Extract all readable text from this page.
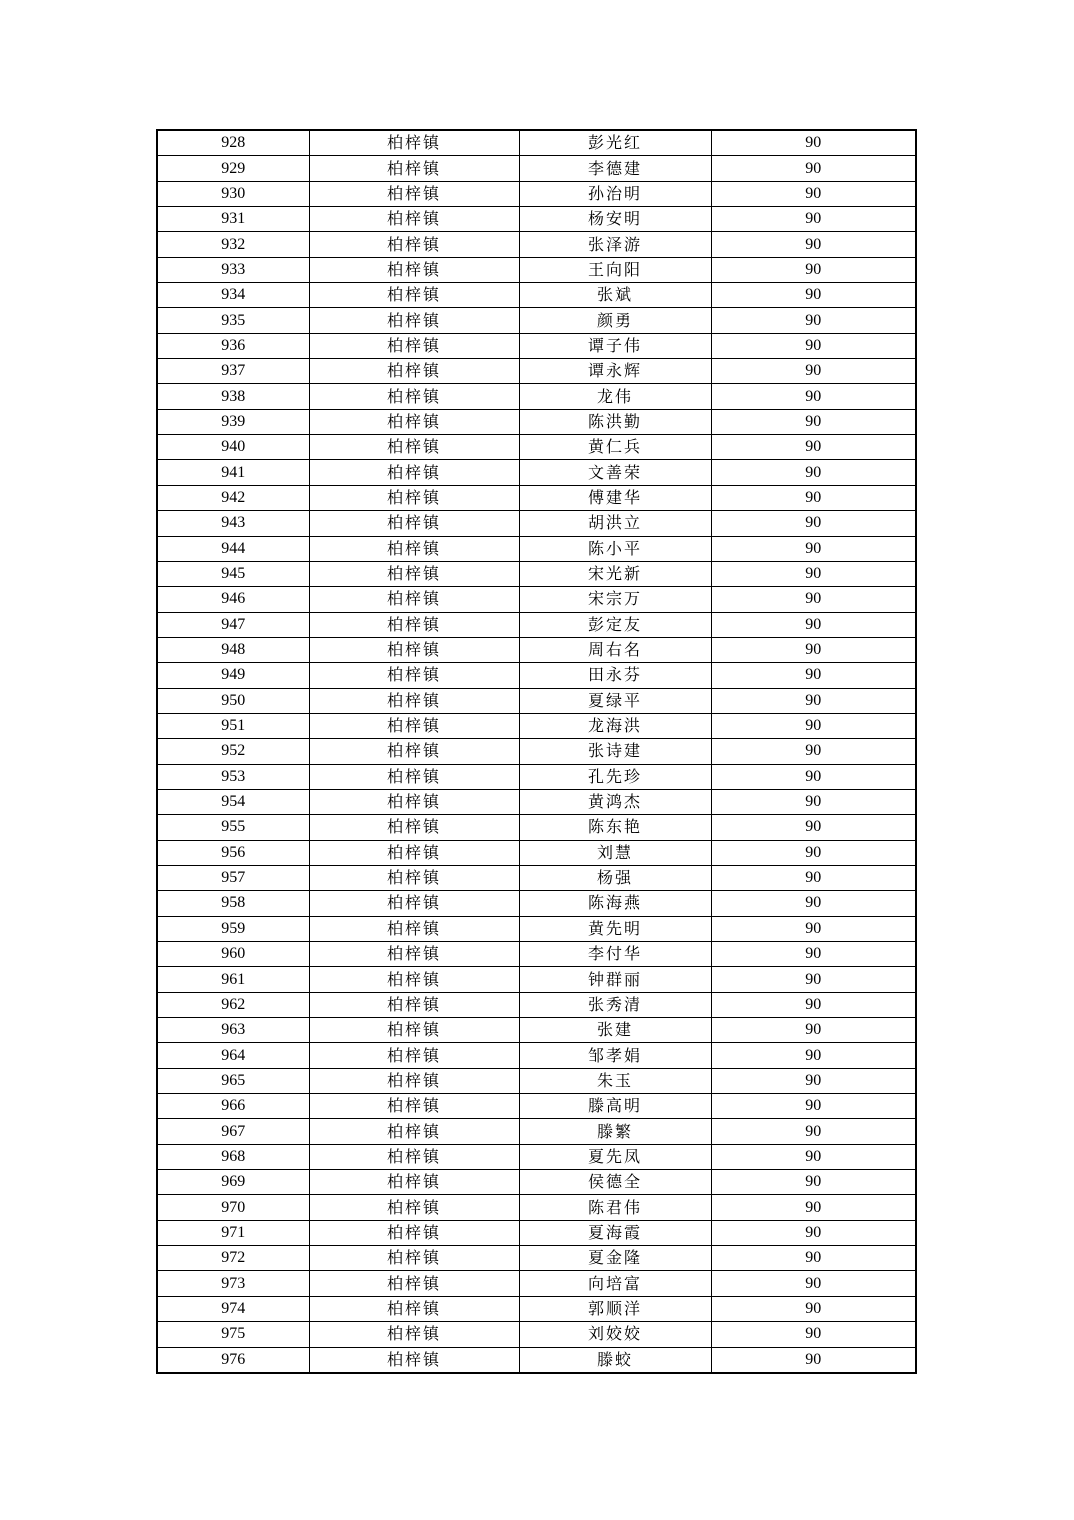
928	柏梓镇	彭光红	90
929	柏梓镇	李德建	90
930	柏梓镇	孙治明	90
931	柏梓镇	杨安明	90
932	柏梓镇	张泽游	90
933	柏梓镇	王向阳	90
934	柏梓镇	张斌	90
935	柏梓镇	颜勇	90
936	柏梓镇	谭子伟	90
937	柏梓镇	谭永辉	90
938	柏梓镇	龙伟	90
939	柏梓镇	陈洪勤	90
940	柏梓镇	黄仁兵	90
941	柏梓镇	文善荣	90
942	柏梓镇	傅建华	90
943	柏梓镇	胡洪立	90
944	柏梓镇	陈小平	90
945	柏梓镇	宋光新	90
946	柏梓镇	宋宗万	90
947	柏梓镇	彭定友	90
948	柏梓镇	周右名	90
949	柏梓镇	田永芬	90
950	柏梓镇	夏绿平	90
951	柏梓镇	龙海洪	90
952	柏梓镇	张诗建	90
953	柏梓镇	孔先珍	90
954	柏梓镇	黄鸿杰	90
955	柏梓镇	陈东艳	90
956	柏梓镇	刘慧	90
957	柏梓镇	杨强	90
958	柏梓镇	陈海燕	90
959	柏梓镇	黄先明	90
960	柏梓镇	李付华	90
961	柏梓镇	钟群丽	90
962	柏梓镇	张秀清	90
963	柏梓镇	张建	90
964	柏梓镇	邹孝娟	90
965	柏梓镇	朱玉	90
966	柏梓镇	滕高明	90
967	柏梓镇	滕繁	90
968	柏梓镇	夏先凤	90
969	柏梓镇	侯德全	90
970	柏梓镇	陈君伟	90
971	柏梓镇	夏海霞	90
972	柏梓镇	夏金隆	90
973	柏梓镇	向培富	90
974	柏梓镇	郭顺洋	90
975	柏梓镇	刘姣姣	90
976	柏梓镇	滕蛟	90
